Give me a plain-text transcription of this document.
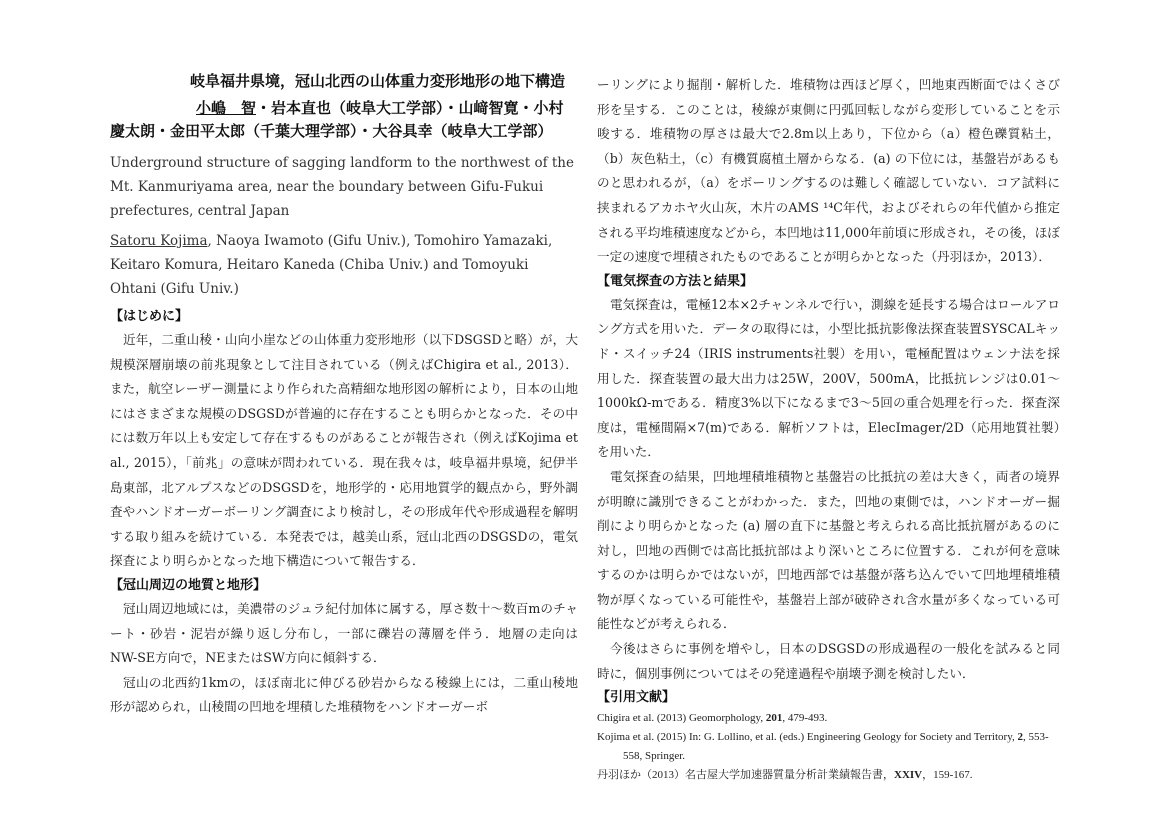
岐阜福井県境，冠山北西の山体重力変形地形の地下構造

小嶋　智・岩本直也（岐阜大工学部）・山﨑智寛・小村慶太朗・金田平太郎（千葉大理学部）・大谷具幸（岐阜大工学部）

Underground structure of sagging landform to the northwest of the Mt. Kanmuriyama area, near the boundary between Gifu-Fukui prefectures, central Japan

Satoru Kojima, Naoya Iwamoto (Gifu Univ.), Tomohiro Yamazaki, Keitaro Komura, Heitaro Kaneda (Chiba Univ.) and Tomoyuki Ohtani (Gifu Univ.)

【はじめに】

近年，二重山稜・山向小崖などの山体重力変形地形（以下DSGSDと略）が，大規模深層崩壊の前兆現象として注目されている（例えばChigira et al., 2013）．また，航空レーザー測量により作られた高精細な地形図の解析により，日本の山地にはさまざまな規模のDSGSDが普遍的に存在することも明らかとなった．その中には数万年以上も安定して存在するものがあることが報告され（例えばKojima et al., 2015），「前兆」の意味が問われている．現在我々は，岐阜福井県境，紀伊半島東部，北アルプスなどのDSGSDを，地形学的・応用地質学的観点から，野外調査やハンドオーガーボーリング調査により検討し，その形成年代や形成過程を解明する取り組みを続けている．本発表では，越美山系，冠山北西のDSGSDの，電気探査により明らかとなった地下構造について報告する．

【冠山周辺の地質と地形】

冠山周辺地域には，美濃帯のジュラ紀付加体に属する，厚さ数十～数百mのチャート・砂岩・泥岩が繰り返し分布し，一部に礫岩の薄層を伴う．地層の走向はNW-SE方向で，NEまたはSW方向に傾斜する．

冠山の北西約1kmの，ほぼ南北に伸びる砂岩からなる稜線上には，二重山稜地形が認められ，山稜間の凹地を埋積した堆積物をハンドオーガーボ

ーリングにより掘削・解析した．堆積物は西ほど厚く，凹地東西断面ではくさび形を呈する．このことは，稜線が東側に円弧回転しながら変形していることを示唆する．堆積物の厚さは最大で2.8m以上あり，下位から（a）橙色礫質粘土，（b）灰色粘土，（c）有機質腐植土層からなる．(a) の下位には，基盤岩があるものと思われるが，（a）をボーリングするのは難しく確認していない．コア試料に挟まれるアカホヤ火山灰，木片のAMS ¹⁴C年代，およびそれらの年代値から推定される平均堆積速度などから，本凹地は11,000年前頃に形成され，その後，ほぼ一定の速度で埋積されたものであることが明らかとなった（丹羽ほか，2013）．

【電気探査の方法と結果】

電気探査は，電極12本×2チャンネルで行い，測線を延長する場合はロールアロング方式を用いた．データの取得には，小型比抵抗影像法探査装置SYSCALキッド・スイッチ24（IRIS instruments社製）を用い，電極配置はウェンナ法を採用した．探査装置の最大出力は25W，200V，500mA，比抵抗レンジは0.01～1000kΩ-mである．精度3%以下になるまで3～5回の重合処理を行った．探査深度は，電極間隔×7(m)である．解析ソフトは，ElecImager/2D（応用地質社製）を用いた．

電気探査の結果，凹地埋積堆積物と基盤岩の比抵抗の差は大きく，両者の境界が明瞭に識別できることがわかった．また，凹地の東側では，ハンドオーガー掘削により明らかとなった (a) 層の直下に基盤と考えられる高比抵抗層があるのに対し，凹地の西側では高比抵抗部はより深いところに位置する．これが何を意味するのかは明らかではないが，凹地西部では基盤が落ち込んでいて凹地埋積堆積物が厚くなっている可能性や，基盤岩上部が破砕され含水量が多くなっている可能性などが考えられる．

今後はさらに事例を増やし，日本のDSGSDの形成過程の一般化を試みると同時に，個別事例についてはその発達過程や崩壊予測を検討したい．

【引用文献】

Chigira et al. (2013) Geomorphology, 201, 479-493.

Kojima et al. (2015) In: G. Lollino, et al. (eds.) Engineering Geology for Society and Territory, 2, 553-558, Springer.

丹羽ほか（2013）名古屋大学加速器質量分析計業績報告書，XXIV，159-167.
